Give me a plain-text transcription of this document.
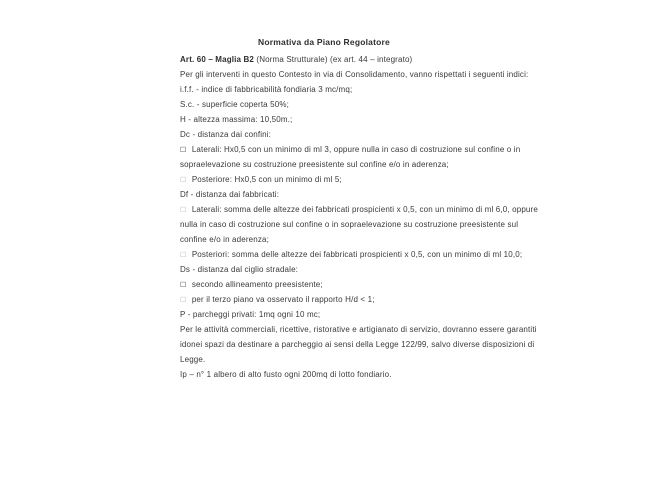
Normativa da Piano Regolatore
Art. 60 – Maglia B2 (Norma Strutturale) (ex art. 44 – integrato)
Per gli interventi in questo Contesto in via di Consolidamento, vanno rispettati i seguenti indici:
i.f.f. - indice di fabbricabilità fondiaria 3 mc/mq;
S.c. - superficie coperta 50%;
H - altezza massima: 10,50m.;
Dc - distanza dai confini:
☐ Laterali: Hx0,5 con un minimo di ml 3, oppure nulla in caso di costruzione sul confine o in
sopraelevazione su costruzione preesistente sul confine e/o in aderenza;
☐ Posteriore: Hx0,5 con un minimo di ml 5;
Df - distanza dai fabbricati:
☐ Laterali: somma delle altezze dei fabbricati prospicienti x 0,5, con un minimo di ml 6,0, oppure
nulla in caso di costruzione sul confine o in sopraelevazione su costruzione preesistente sul
confine e/o in aderenza;
☐ Posteriori: somma delle altezze dei fabbricati prospicienti x 0,5, con un minimo di ml 10,0;
Ds - distanza dal ciglio stradale:
☐ secondo allineamento preesistente;
☐ per il terzo piano va osservato il rapporto H/d < 1;
P - parcheggi privati: 1mq ogni 10 mc;
Per le attività commerciali, ricettive, ristorative e artigianato di servizio, dovranno essere garantiti
idonei spazi da destinare a parcheggio ai sensi della Legge 122/99, salvo diverse disposizioni di
Legge.
Ip – n° 1 albero di alto fusto ogni 200mq di lotto fondiario.
